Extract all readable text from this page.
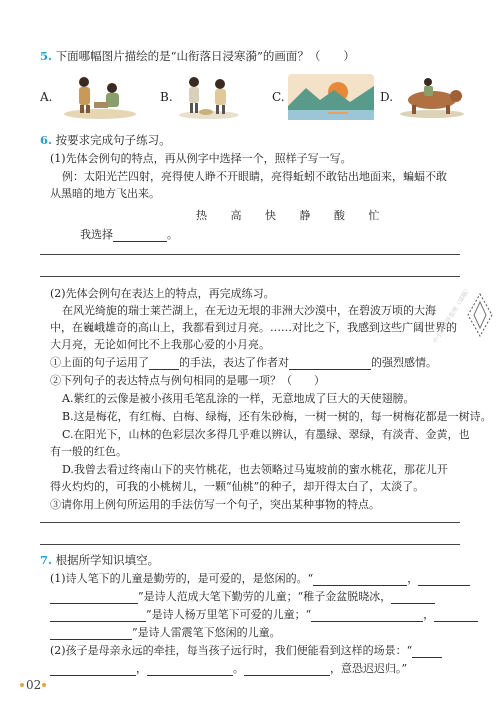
5. 下面哪幅图片描绘的是“山衔落日浸寒漪”的画面？（　　）
A.	B.	C.	D.
6. 按要求完成句子练习。
(1)先体会例句的特点，再从例字中选择一个，照样子写一写。
例：太阳光芒四射，亮得使人睁不开眼睛，亮得蚯蚓不敢钻出地面来，蝙蝠不敢
从黑暗的地方飞出来。
热 高 快 静 酸 忙
我选择	。
(2)先体会例句在表达上的特点，再完成练习。
在风光绮旎的瑞士莱芒湖上，在无边无垠的非洲大沙漠中，在碧波万顷的大海
中，在巍峨雄奇的高山上，我都看到过月亮。……对比之下，我感到这些广阔世界的
大月亮，无论如何比不上我那心爱的小月亮。
①上面的句子运用了	的手法，表达了作者对	的强烈感情。
②下列句子的表达特点与例句相同的是哪一项？（　　）
A.紫红的云像是被小孩用毛笔乱涂的一样，无意地成了巨大的天使翅膀。
B.这是梅花，有红梅、白梅、绿梅，还有朱砂梅，一树一树的，每一树梅花都是一树诗。
C.在阳光下，山林的色彩层次多得几乎难以辨认，有墨绿、翠绿，有淡青、金黄，也
有一般的红色。
D.我曾去看过终南山下的夹竹桃花，也去领略过马嵬坡前的蜜水桃花，那花儿开
得火灼灼的，可我的小桃树儿，一颗“仙桃”的种子，却开得太白了，太淡了。
③请你用上例句所运用的手法仿写一个句子，突出某种事物的特点。
7. 根据所学知识填空。
(1)诗人笔下的儿童是勤劳的，是可爱的，是悠闲的。“	，
”是诗人范成大笔下勤劳的儿童；“稚子金盆脱晓冰，
”是诗人杨万里笔下可爱的儿童；“	，
”是诗人雷震笔下悠闲的儿童。
(2)孩子是母亲永远的牵挂，每当孩子远行时，我们便能看到这样的场景：“
，	。	，意恐迟迟归。”
中小学辅导系统（部编）
02
